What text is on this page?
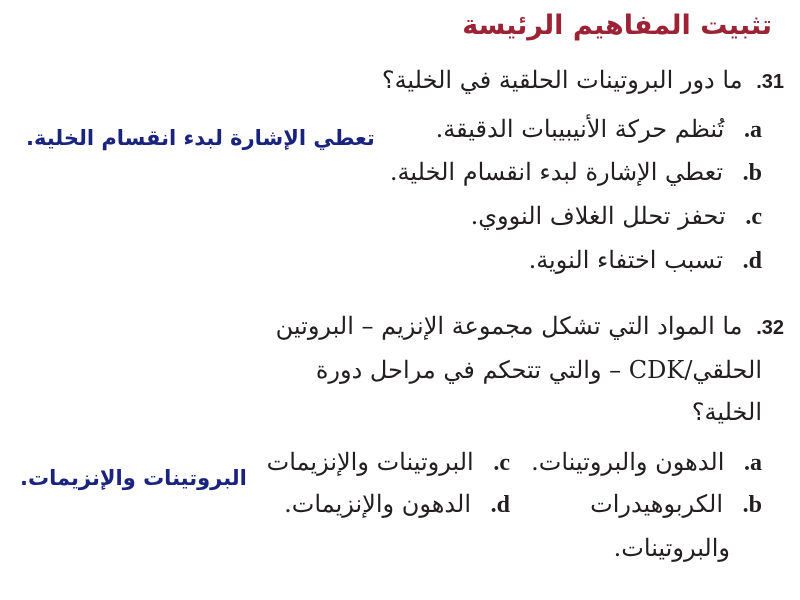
تثبيت المفاهيم الرئيسة
31. ما دور البروتينات الحلقية في الخلية؟
a. تُنظم حركة الأنيبيبات الدقيقة.
b. تعطي الإشارة لبدء انقسام الخلية.
c. تحفز تحلل الغلاف النووي.
d. تسبب اختفاء النوية.
تعطي الإشارة لبدء انقسام الخلية.
32. ما المواد التي تشكل مجموعة الإنزيم – البروتين
الحلقي/CDK – والتي تتحكم في مراحل دورة
الخلية؟
a. الدهون والبروتينات.
c. البروتينات والإنزيمات
b. الكربوهيدرات
d. الدهون والإنزيمات.
والبروتينات.
البروتينات والإنزيمات.
